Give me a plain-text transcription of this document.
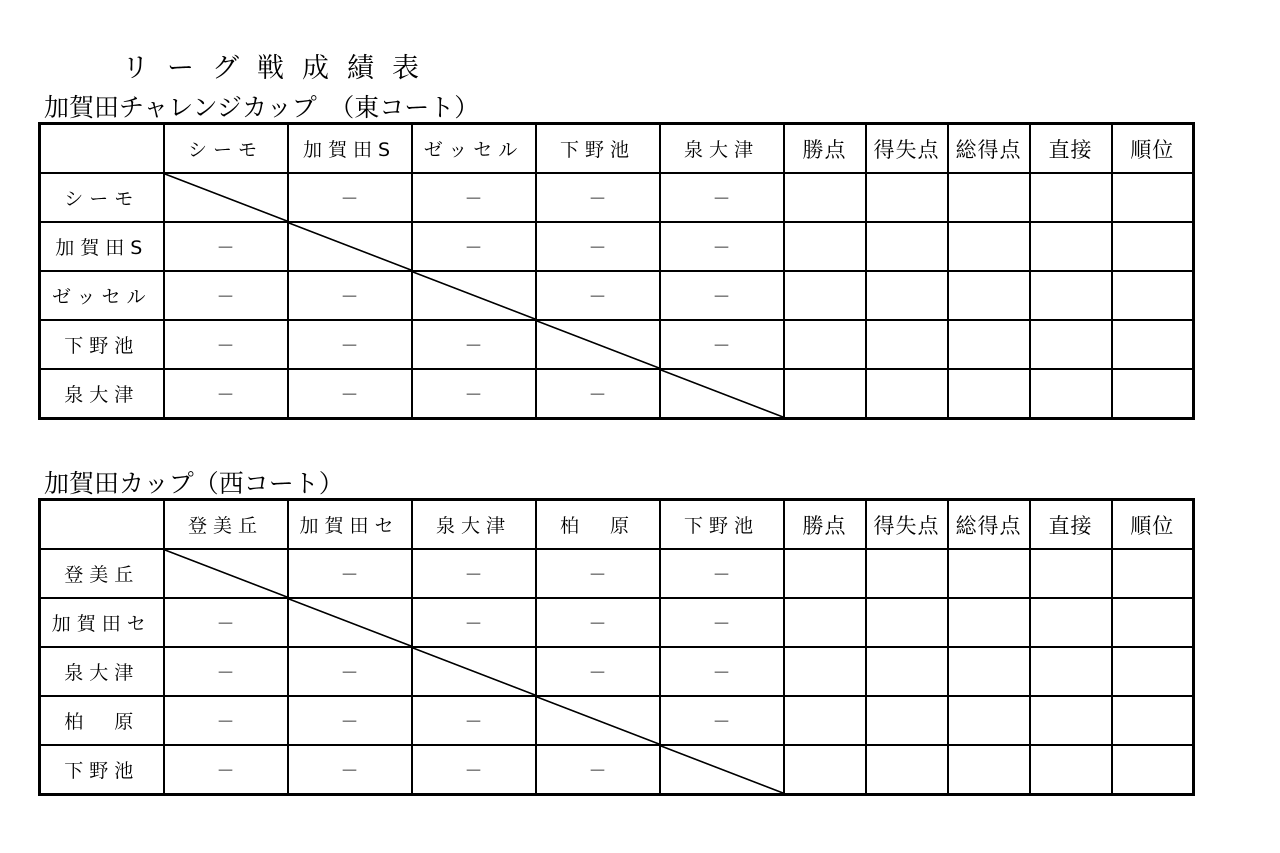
リーグ戦成績表
加賀田チャレンジカップ　（東コート）
	シーモ	加賀田S	ゼッセル	下野池	泉大津	勝点	得失点	総得点	直接	順位
シーモ		－	－	－	－					
加賀田S	－		－	－	－					
ゼッセル	－	－		－	－					
下野池	－	－	－		－					
泉大津	－	－	－	－						
加賀田カップ（西コート）
	登美丘	加賀田セ	泉大津	柏　原	下野池	勝点	得失点	総得点	直接	順位
登美丘		－	－	－	－					
加賀田セ	－		－	－	－					
泉大津	－	－		－	－					
柏　原	－	－	－		－					
下野池	－	－	－	－						
